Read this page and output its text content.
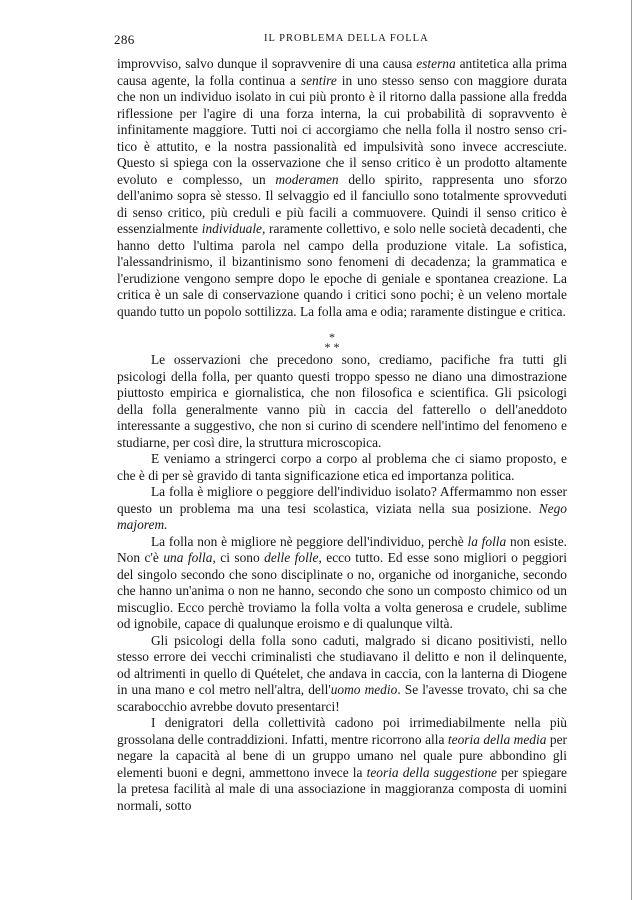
286	IL PROBLEMA DELLA FOLLA

improvviso, salvo dunque il sopravvenire di una causa esterna antitetica alla prima causa agente, la folla continua a sentire in uno stesso senso con maggiore durata che non un individuo isolato in cui più pronto è il ritorno dalla passione alla fredda riflessione per l'agire di una forza interna, la cui probabilità di sopravvento è infinitamente maggiore. Tutti noi ci accorgiamo che nella folla il nostro senso critico è attutito, e la nostra passionalità ed impulsività sono invece accresciute. Questo si spiega con la osservazione che il senso critico è un prodotto altamente evoluto e complesso, un moderamen dello spirito, rappresenta uno sforzo dell'animo sopra sè stesso. Il selvaggio ed il fanciullo sono totalmente sprovveduti di senso critico, più creduli e più facili a commuovere. Quindi il senso critico è essenzialmente individuale, raramente collettivo, e solo nelle società decadenti, che hanno detto l'ultima parola nel campo della produzione vitale. La sofistica, l'alessandrinismo, il bizantinismo sono fenomeni di decadenza; la grammatica e l'erudizione vengono sempre dopo le epoche di geniale e spontanea creazione. La critica è un sale di conservazione quando i critici sono pochi; è un veleno mortale quando tutto un popolo sottilizza. La folla ama e odia; raramente distingue e critica.

*
* *

Le osservazioni che precedono sono, crediamo, pacifiche fra tutti gli psicologi della folla, per quanto questi troppo spesso ne diano una dimostrazione piuttosto empirica e giornalistica, che non filosofica e scientifica. Gli psicologi della folla generalmente vanno più in caccia del fatterello o dell'aneddoto interessante a suggestivo, che non si curino di scendere nell'intimo del fenomeno e studiarne, per così dire, la struttura microscopica.

E veniamo a stringerci corpo a corpo al problema che ci siamo proposto, e che è di per sè gravido di tanta significazione etica ed importanza politica.

La folla è migliore o peggiore dell'individuo isolato? Affermammo non esser questo un problema ma una tesi scolastica, viziata nella sua posizione. Nego majorem.

La folla non è migliore nè peggiore dell'individuo, perchè la folla non esiste. Non c'è una folla, ci sono delle folle, ecco tutto. Ed esse sono migliori o peggiori del singolo secondo che sono disciplinate o no, organiche od inorganiche, secondo che hanno un'anima o non ne hanno, secondo che sono un composto chimico od un miscuglio. Ecco perchè troviamo la folla volta a volta generosa e crudele, sublime od ignobile, capace di qualunque eroismo e di qualunque viltà.

Gli psicologi della folla sono caduti, malgrado si dicano positivisti, nello stesso errore dei vecchi criminalisti che studiavano il delitto e non il delinquente, od altrimenti in quello di Quételet, che andava in caccia, con la lanterna di Diogene in una mano e col metro nell'altra, dell'uomo medio. Se l'avesse trovato, chi sa che scarabocchio avrebbe dovuto presentarci!

I denigratori della collettività cadono poi irrimediabilmente nella più grossolana delle contraddizioni. Infatti, mentre ricorrono alla teoria della media per negare la capacità al bene di un gruppo umano nel quale pure abbondino gli elementi buoni e degni, ammettono invece la teoria della suggestione per spiegare la pretesa facilità al male di una associazione in maggioranza composta di uomini normali, sotto
